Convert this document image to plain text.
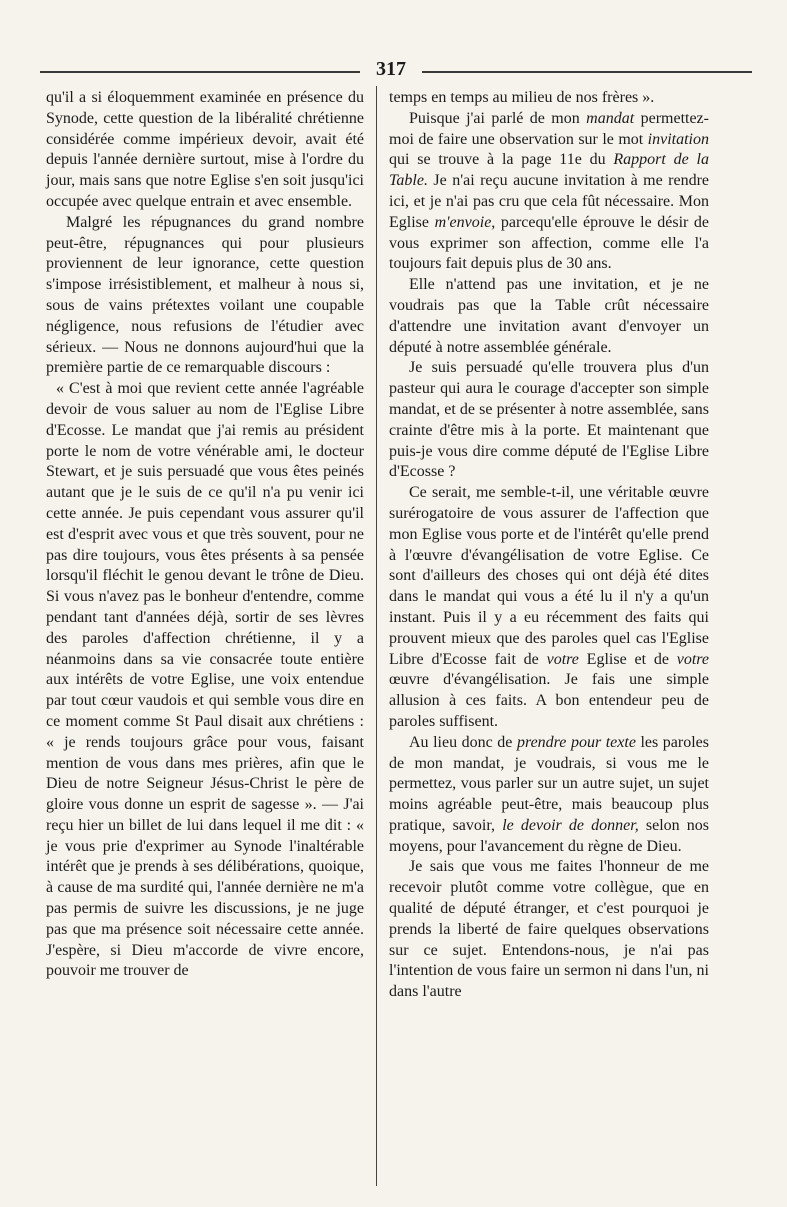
317

qu'il a si éloquemment examinée en présence du Synode, cette question de la libéralité chrétienne considérée comme impérieux devoir, avait été depuis l'année dernière surtout, mise à l'ordre du jour, mais sans que notre Eglise s'en soit jusqu'ici occupée avec quelque entrain et avec ensemble.

Malgré les répugnances du grand nombre peut-être, répugnances qui pour plusieurs proviennent de leur ignorance, cette question s'impose irrésistiblement, et malheur à nous si, sous de vains prétextes voilant une coupable négligence, nous refusions de l'étudier avec sérieux. — Nous ne donnons aujourd'hui que la première partie de ce remarquable discours :

« C'est à moi que revient cette année l'agréable devoir de vous saluer au nom de l'Eglise Libre d'Ecosse. Le mandat que j'ai remis au président porte le nom de votre vénérable ami, le docteur Stewart, et je suis persuadé que vous êtes peinés autant que je le suis de ce qu'il n'a pu venir ici cette année. Je puis cependant vous assurer qu'il est d'esprit avec vous et que très souvent, pour ne pas dire toujours, vous êtes présents à sa pensée lorsqu'il fléchit le genou devant le trône de Dieu. Si vous n'avez pas le bonheur d'entendre, comme pendant tant d'années déjà, sortir de ses lèvres des paroles d'affection chrétienne, il y a néanmoins dans sa vie consacrée toute entière aux intérêts de votre Eglise, une voix entendue par tout cœur vaudois et qui semble vous dire en ce moment comme St Paul disait aux chrétiens : « je rends toujours grâce pour vous, faisant mention de vous dans mes prières, afin que le Dieu de notre Seigneur Jésus-Christ le père de gloire vous donne un esprit de sagesse ». — J'ai reçu hier un billet de lui dans lequel il me dit : « je vous prie d'exprimer au Synode l'inaltérable intérêt que je prends à ses délibérations, quoique, à cause de ma surdité qui, l'année dernière ne m'a pas permis de suivre les discussions, je ne juge pas que ma présence soit nécessaire cette année. J'espère, si Dieu m'accorde de vivre encore, pouvoir me trouver de

temps en temps au milieu de nos frères ».

Puisque j'ai parlé de mon mandat permettez-moi de faire une observation sur le mot invitation qui se trouve à la page 11e du Rapport de la Table. Je n'ai reçu aucune invitation à me rendre ici, et je n'ai pas cru que cela fût nécessaire. Mon Eglise m'envoie, parcequ'elle éprouve le désir de vous exprimer son affection, comme elle l'a toujours fait depuis plus de 30 ans.

Elle n'attend pas une invitation, et je ne voudrais pas que la Table crût nécessaire d'attendre une invitation avant d'envoyer un député à notre assemblée générale.

Je suis persuadé qu'elle trouvera plus d'un pasteur qui aura le courage d'accepter son simple mandat, et de se présenter à notre assemblée, sans crainte d'être mis à la porte. Et maintenant que puis-je vous dire comme député de l'Eglise Libre d'Ecosse ?

Ce serait, me semble-t-il, une véritable œuvre surérogatoire de vous assurer de l'affection que mon Eglise vous porte et de l'intérêt qu'elle prend à l'œuvre d'évangélisation de votre Eglise. Ce sont d'ailleurs des choses qui ont déjà été dites dans le mandat qui vous a été lu il n'y a qu'un instant. Puis il y a eu récemment des faits qui prouvent mieux que des paroles quel cas l'Eglise Libre d'Ecosse fait de votre Eglise et de votre œuvre d'évangélisation. Je fais une simple allusion à ces faits. A bon entendeur peu de paroles suffisent.

Au lieu donc de prendre pour texte les paroles de mon mandat, je voudrais, si vous me le permettez, vous parler sur un autre sujet, un sujet moins agréable peut-être, mais beaucoup plus pratique, savoir, le devoir de donner, selon nos moyens, pour l'avancement du règne de Dieu.

Je sais que vous me faites l'honneur de me recevoir plutôt comme votre collègue, que en qualité de député étranger, et c'est pourquoi je prends la liberté de faire quelques observations sur ce sujet. Entendons-nous, je n'ai pas l'intention de vous faire un sermon ni dans l'un, ni dans l'autre
